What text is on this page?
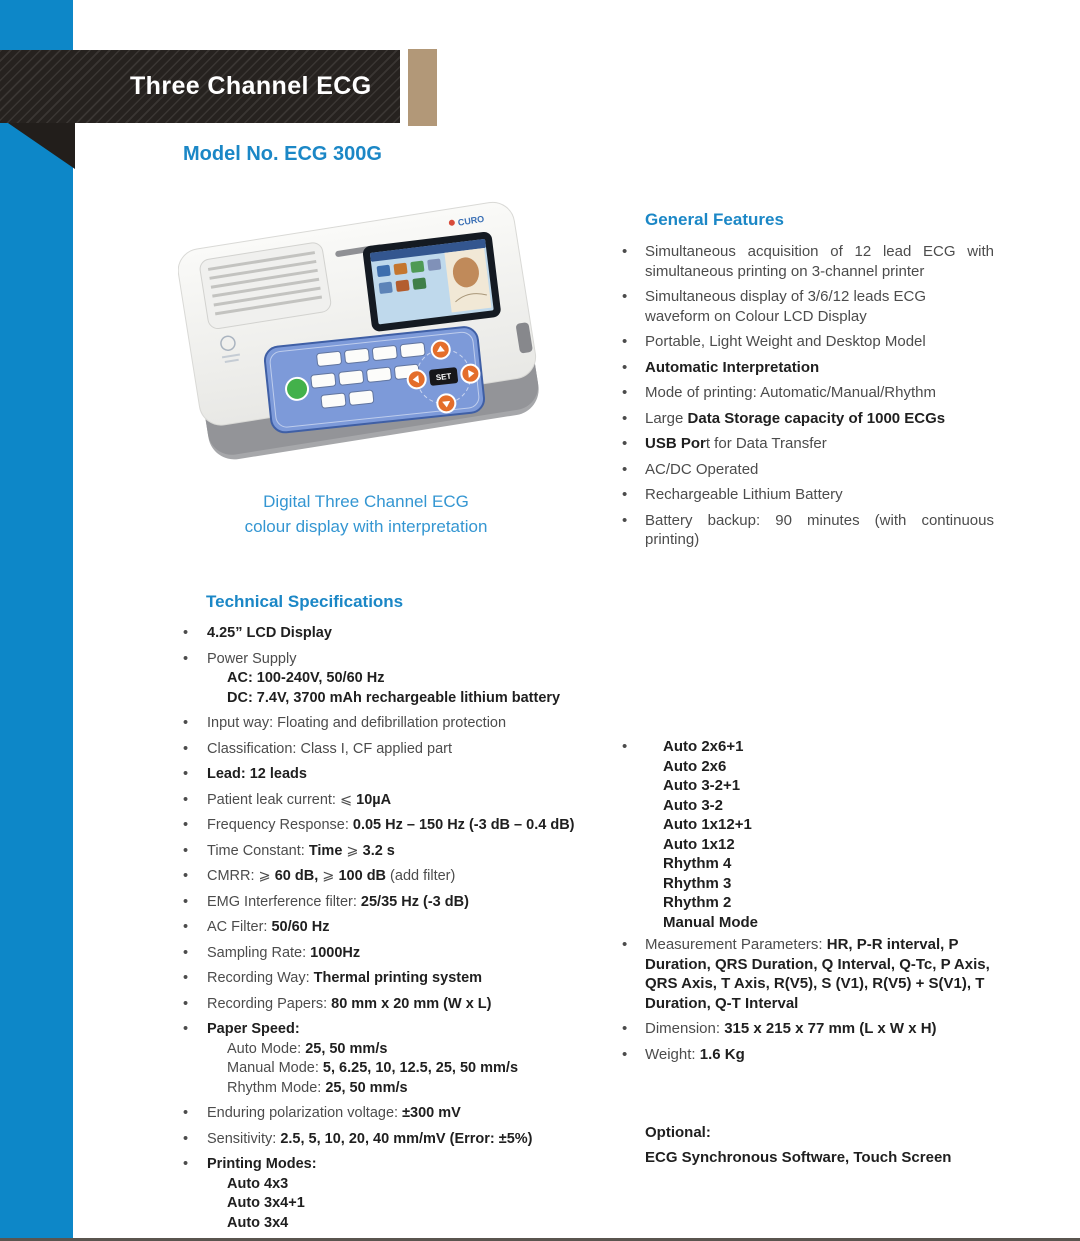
Three Channel ECG
Model No. ECG 300G
CURO
SET
Digital Three Channel ECG
colour display with interpretation
General Features
•	Simultaneous acquisition of 12 lead ECG with simultaneous printing on 3-channel printer
•	Simultaneous display of 3/6/12 leads ECG waveform on Colour LCD Display
•	Portable, Light Weight and Desktop Model
•	Automatic Interpretation
•	Mode of printing: Automatic/Manual/Rhythm
•	Large Data Storage capacity of 1000 ECGs
•	USB Port for Data Transfer
•	AC/DC Operated
•	Rechargeable Lithium Battery
•	Battery backup: 90 minutes (with continuous printing)
Technical Specifications
•	4.25” LCD Display
•	Power Supply
AC: 100-240V, 50/60 Hz
DC: 7.4V, 3700 mAh rechargeable lithium battery
•	Input way: Floating and defibrillation protection
•	Classification: Class I, CF applied part
•	Lead: 12 leads
•	Patient leak current: ⩽ 10µA
•	Frequency Response: 0.05 Hz – 150 Hz (-3 dB – 0.4 dB)
•	Time Constant: Time ⩾ 3.2 s
•	CMRR: ⩾ 60 dB, ⩾ 100 dB (add filter)
•	EMG Interference filter: 25/35 Hz (-3 dB)
•	AC Filter: 50/60 Hz
•	Sampling Rate: 1000Hz
•	Recording Way: Thermal printing system
•	Recording Papers: 80 mm x 20 mm (W x L)
•	Paper Speed:
Auto Mode: 25, 50 mm/s
Manual Mode: 5, 6.25, 10, 12.5, 25, 50 mm/s
Rhythm Mode: 25, 50 mm/s
•	Enduring polarization voltage: ±300 mV
•	Sensitivity: 2.5, 5, 10, 20, 40 mm/mV (Error: ±5%)
•	Printing Modes:
Auto 4x3
Auto 3x4+1
Auto 3x4
•	Auto 2x6+1
Auto 2x6
Auto 3-2+1
Auto 3-2
Auto 1x12+1
Auto 1x12
Rhythm 4
Rhythm 3
Rhythm 2
Manual Mode
•	Measurement Parameters: HR, P-R interval, P Duration, QRS Duration, Q Interval, Q-Tc, P Axis, QRS Axis, T Axis, R(V5), S (V1), R(V5) + S(V1), T Duration, Q-T Interval
•	Dimension: 315 x 215 x 77 mm (L x W x H)
•	Weight: 1.6 Kg
Optional:
ECG Synchronous Software, Touch Screen
